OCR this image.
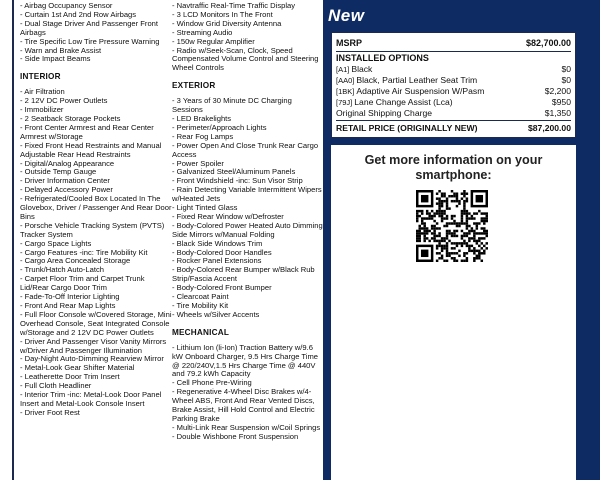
- Airbag Occupancy Sensor
- Curtain 1st And 2nd Row Airbags
- Dual Stage Driver And Passenger Front Airbags
- Tire Specific Low Tire Pressure Warning
- Warn and Brake Assist
- Side Impact Beams
INTERIOR
- Air Filtration
- 2 12V DC Power Outlets
- Immobilizer
- 2 Seatback Storage Pockets
- Front Center Armrest and Rear Center Armrest w/Storage
- Fixed Front Head Restraints and Manual Adjustable Rear Head Restraints
- Digital/Analog Appearance
- Outside Temp Gauge
- Driver Information Center
- Delayed Accessory Power
- Refrigerated/Cooled Box Located In The Glovebox, Driver / Passenger And Rear Door Bins
- Porsche Vehicle Tracking System (PVTS) Tracker System
- Cargo Space Lights
- Cargo Features -inc: Tire Mobility Kit
- Cargo Area Concealed Storage
- Trunk/Hatch Auto-Latch
- Carpet Floor Trim and Carpet Trunk Lid/Rear Cargo Door Trim
- Fade-To-Off Interior Lighting
- Front And Rear Map Lights
- Full Floor Console w/Covered Storage, Mini Overhead Console, Seat Integrated Console w/Storage and 2 12V DC Power Outlets
- Driver And Passenger Visor Vanity Mirrors w/Driver And Passenger Illumination
- Day-Night Auto-Dimming Rearview Mirror
- Metal-Look Gear Shifter Material
- Leatherette Door Trim Insert
- Full Cloth Headliner
- Interior Trim -inc: Metal-Look Door Panel Insert and Metal-Look Console Insert
- Driver Foot Rest
- Navtraffic Real-Time Traffic Display
- 3 LCD Monitors In The Front
- Window Grid Diversity Antenna
- Streaming Audio
- 150w Regular Amplifier
- Radio w/Seek-Scan, Clock, Speed Compensated Volume Control and Steering Wheel Controls
EXTERIOR
- 3 Years of 30 Minute DC Charging Sessions
- LED Brakelights
- Perimeter/Approach Lights
- Rear Fog Lamps
- Power Open And Close Trunk Rear Cargo Access
- Power Spoiler
- Galvanized Steel/Aluminum Panels
- Front Windshield -inc: Sun Visor Strip
- Rain Detecting Variable Intermittent Wipers w/Heated Jets
- Light Tinted Glass
- Fixed Rear Window w/Defroster
- Body-Colored Power Heated Auto Dimming Side Mirrors w/Manual Folding
- Black Side Windows Trim
- Body-Colored Door Handles
- Rocker Panel Extensions
- Body-Colored Rear Bumper w/Black Rub Strip/Fascia Accent
- Body-Colored Front Bumper
- Clearcoat Paint
- Tire Mobility Kit
- Wheels w/Silver Accents
MECHANICAL
- Lithium Ion (li-Ion) Traction Battery w/9.6 kW Onboard Charger, 9.5 Hrs Charge Time @ 220/240V,1.5 Hrs Charge Time @ 440V and 79.2 kWh Capacity
- Cell Phone Pre-Wiring
- Regenerative 4-Wheel Disc Brakes w/4-Wheel ABS, Front And Rear Vented Discs, Brake Assist, Hill Hold Control and Electric Parking Brake
- Multi-Link Rear Suspension w/Coil Springs
- Double Wishbone Front Suspension
New
MSRP	$82,700.00
INSTALLED OPTIONS
[A1] Black	$0
[AA0] Black, Partial Leather Seat Trim	$0
[1BK] Adaptive Air Suspension W/Pasm	$2,200
[79J] Lane Change Assist (Lca)	$950
Original Shipping Charge	$1,350
RETAIL PRICE (ORIGINALLY NEW)	$87,200.00
Get more information on your smartphone:
